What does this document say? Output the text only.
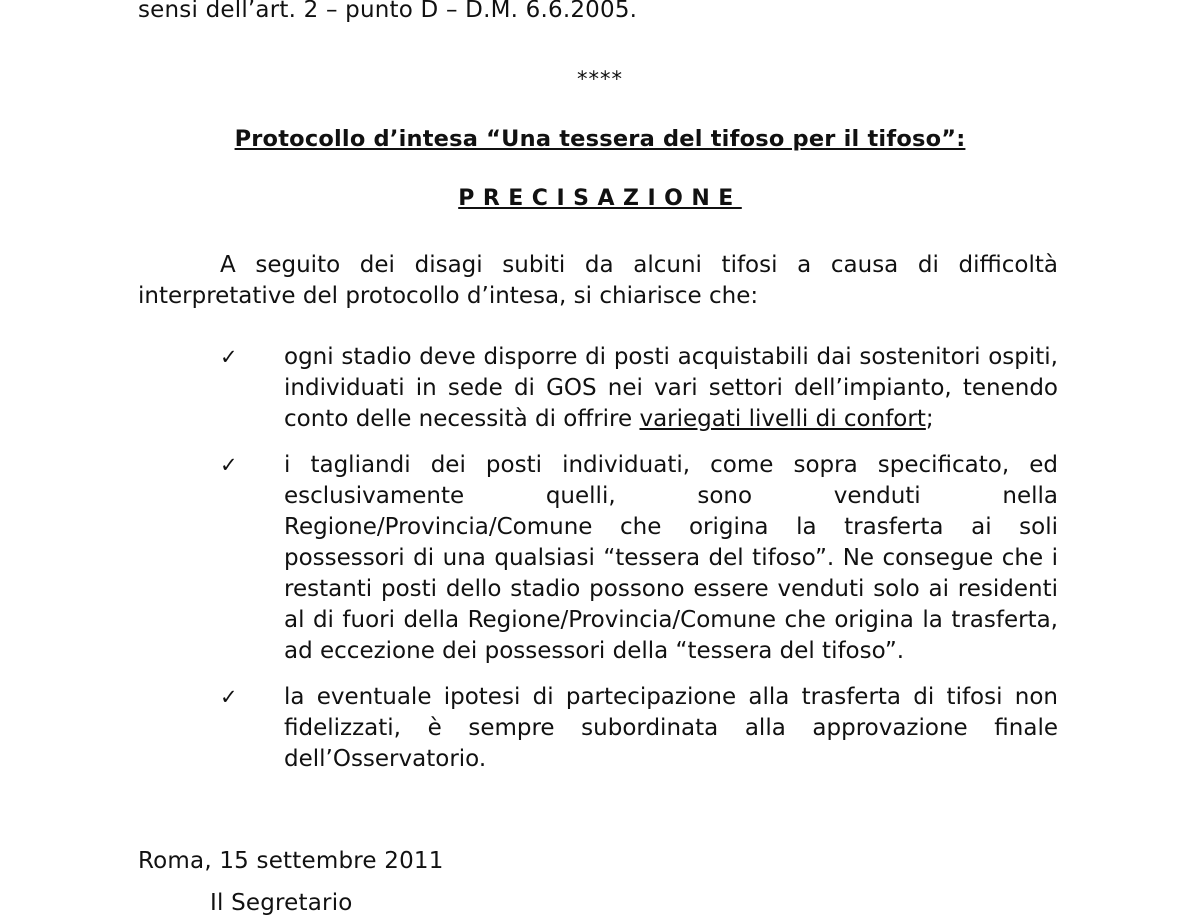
sensi dell’art. 2 – punto D – D.M. 6.6.2005.
****
Protocollo d’intesa “Una tessera del tifoso per il tifoso”:
PRECISAZIONE
A seguito dei disagi subiti da alcuni tifosi a causa di difficoltà interpretative del protocollo d’intesa, si chiarisce che:
✓ ogni stadio deve disporre di posti acquistabili dai sostenitori ospiti, individuati in sede di GOS nei vari settori dell’impianto, tenendo conto delle necessità di offrire variegati livelli di confort;
✓ i tagliandi dei posti individuati, come sopra specificato, ed esclusivamente quelli, sono venduti nella Regione/Provincia/Comune che origina la trasferta ai soli possessori di una qualsiasi “tessera del tifoso”. Ne consegue che i restanti posti dello stadio possono essere venduti solo ai residenti al di fuori della Regione/Provincia/Comune che origina la trasferta, ad eccezione dei possessori della “tessera del tifoso”.
✓ la eventuale ipotesi di partecipazione alla trasferta di tifosi non fidelizzati, è sempre subordinata alla approvazione finale dell’Osservatorio.
Roma, 15 settembre 2011
Il Segretario
